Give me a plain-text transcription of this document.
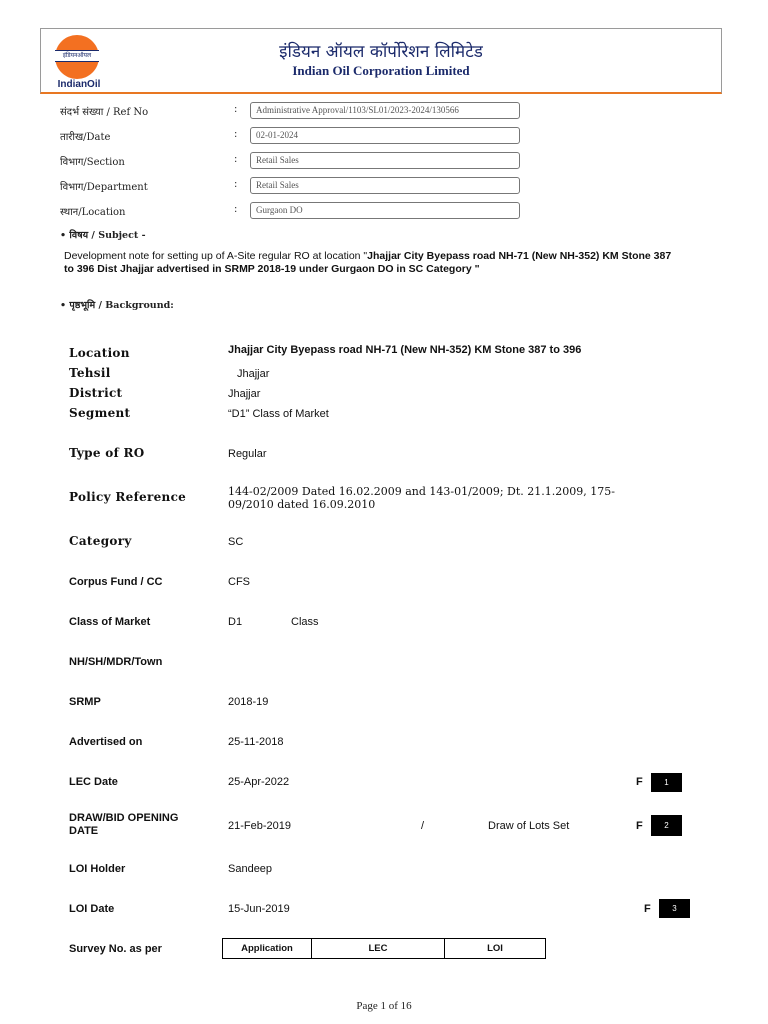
इंडियनऑयल
IndianOil
इंडियन ऑयल कॉर्पोरेशन लिमिटेड
Indian Oil Corporation Limited
संदर्भ संख्या / Ref No	:	Administrative Approval/1103/SL01/2023-2024/130566
तारीख/Date	:	02-01-2024
विभाग/Section	:	Retail Sales
विभाग/Department	:	Retail Sales
स्थान/Location	:	Gurgaon DO
• विषय / Subject -
Development note for setting up of A-Site regular RO at location "Jhajjar City Byepass road NH-71 (New NH-352) KM Stone 387
to 396 Dist Jhajjar advertised in SRMP 2018-19 under Gurgaon DO in SC Category "
• पृष्ठभूमि / Background:
Location	Jhajjar City Byepass road NH-71 (New NH-352) KM Stone 387 to 396
Tehsil	Jhajjar
District	Jhajjar
Segment	“D1” Class of Market
Type of RO	Regular
Policy Reference	144-02/2009 Dated 16.02.2009 and 143-01/2009; Dt. 21.1.2009, 175-
09/2010 dated 16.09.2010
Category	SC
Corpus Fund / CC	CFS
Class of Market	D1	Class
NH/SH/MDR/Town
SRMP	2018-19
Advertised on	25-11-2018
LEC Date	25-Apr-2022	F	1
DRAW/BID OPENING
DATE	21-Feb-2019	/	Draw of Lots Set	F	2
LOI Holder	Sandeep
LOI Date	15-Jun-2019	F	3
Survey No. as per	Application	LEC	LOI
Page 1 of 16
